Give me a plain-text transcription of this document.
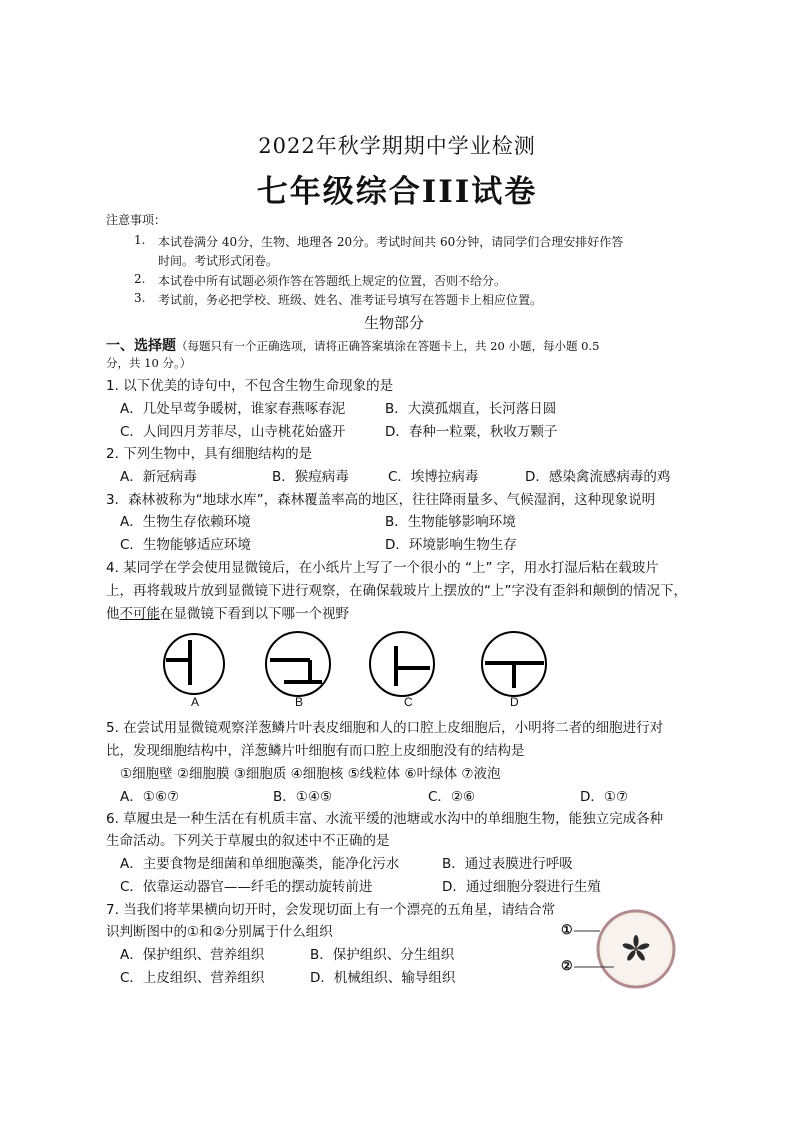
2022年秋学期期中学业检测
七年级综合III试卷
注意事项：
1. 本试卷满分 40分，生物、地理各 20分。考试时间共 60分钟，请同学们合理安排好作答
时间。考试形式闭卷。
2. 本试卷中所有试题必须作答在答题纸上规定的位置，否则不给分。
3. 考试前，务必把学校、班级、姓名、准考证号填写在答题卡上相应位置。
生物部分
一、选择题（每题只有一个正确选项，请将正确答案填涂在答题卡上，共 20 小题，每小题 0.5
分，共 10 分。）
1. 以下优美的诗句中，不包含生物生命现象的是
A．几处早莺争暖树，谁家春燕啄春泥	B．大漠孤烟直，长河落日圆
C．人间四月芳菲尽，山寺桃花始盛开	D．春种一粒粟，秋收万颗子
2. 下列生物中，具有细胞结构的是
A．新冠病毒	B．猴痘病毒	C．埃博拉病毒	D．感染禽流感病毒的鸡
3．森林被称为“地球水库”，森林覆盖率高的地区，往往降雨量多、气候湿润，这种现象说明
A．生物生存依赖环境	B．生物能够影响环境
C．生物能够适应环境	D．环境影响生物生存
4. 某同学在学会使用显微镜后，在小纸片上写了一个很小的 “上” 字，用水打湿后粘在载玻片
上，再将载玻片放到显微镜下进行观察，在确保载玻片上摆放的“上”字没有歪斜和颠倒的情况下，
他不可能在显微镜下看到以下哪一个视野
A	B	C	D
5. 在尝试用显微镜观察洋葱鳞片叶表皮细胞和人的口腔上皮细胞后，小明将二者的细胞进行对
比，发现细胞结构中，洋葱鳞片叶细胞有而口腔上皮细胞没有的结构是
①细胞壁 ②细胞膜 ③细胞质 ④细胞核 ⑤线粒体 ⑥叶绿体 ⑦液泡
A．①⑥⑦	B．①④⑤	C．②⑥	D．①⑦
6. 草履虫是一种生活在有机质丰富、水流平缓的池塘或水沟中的单细胞生物，能独立完成各种
生命活动。下列关于草履虫的叙述中不正确的是
A．主要食物是细菌和单细胞藻类，能净化污水	B．通过表膜进行呼吸
C．依靠运动器官——纤毛的摆动旋转前进	D．通过细胞分裂进行生殖
7. 当我们将苹果横向切开时，会发现切面上有一个漂亮的五角星，请结合常
识判断图中的①和②分别属于什么组织
A．保护组织、营养组织	B．保护组织、分生组织
C．上皮组织、营养组织	D．机械组织、输导组织
①
②
